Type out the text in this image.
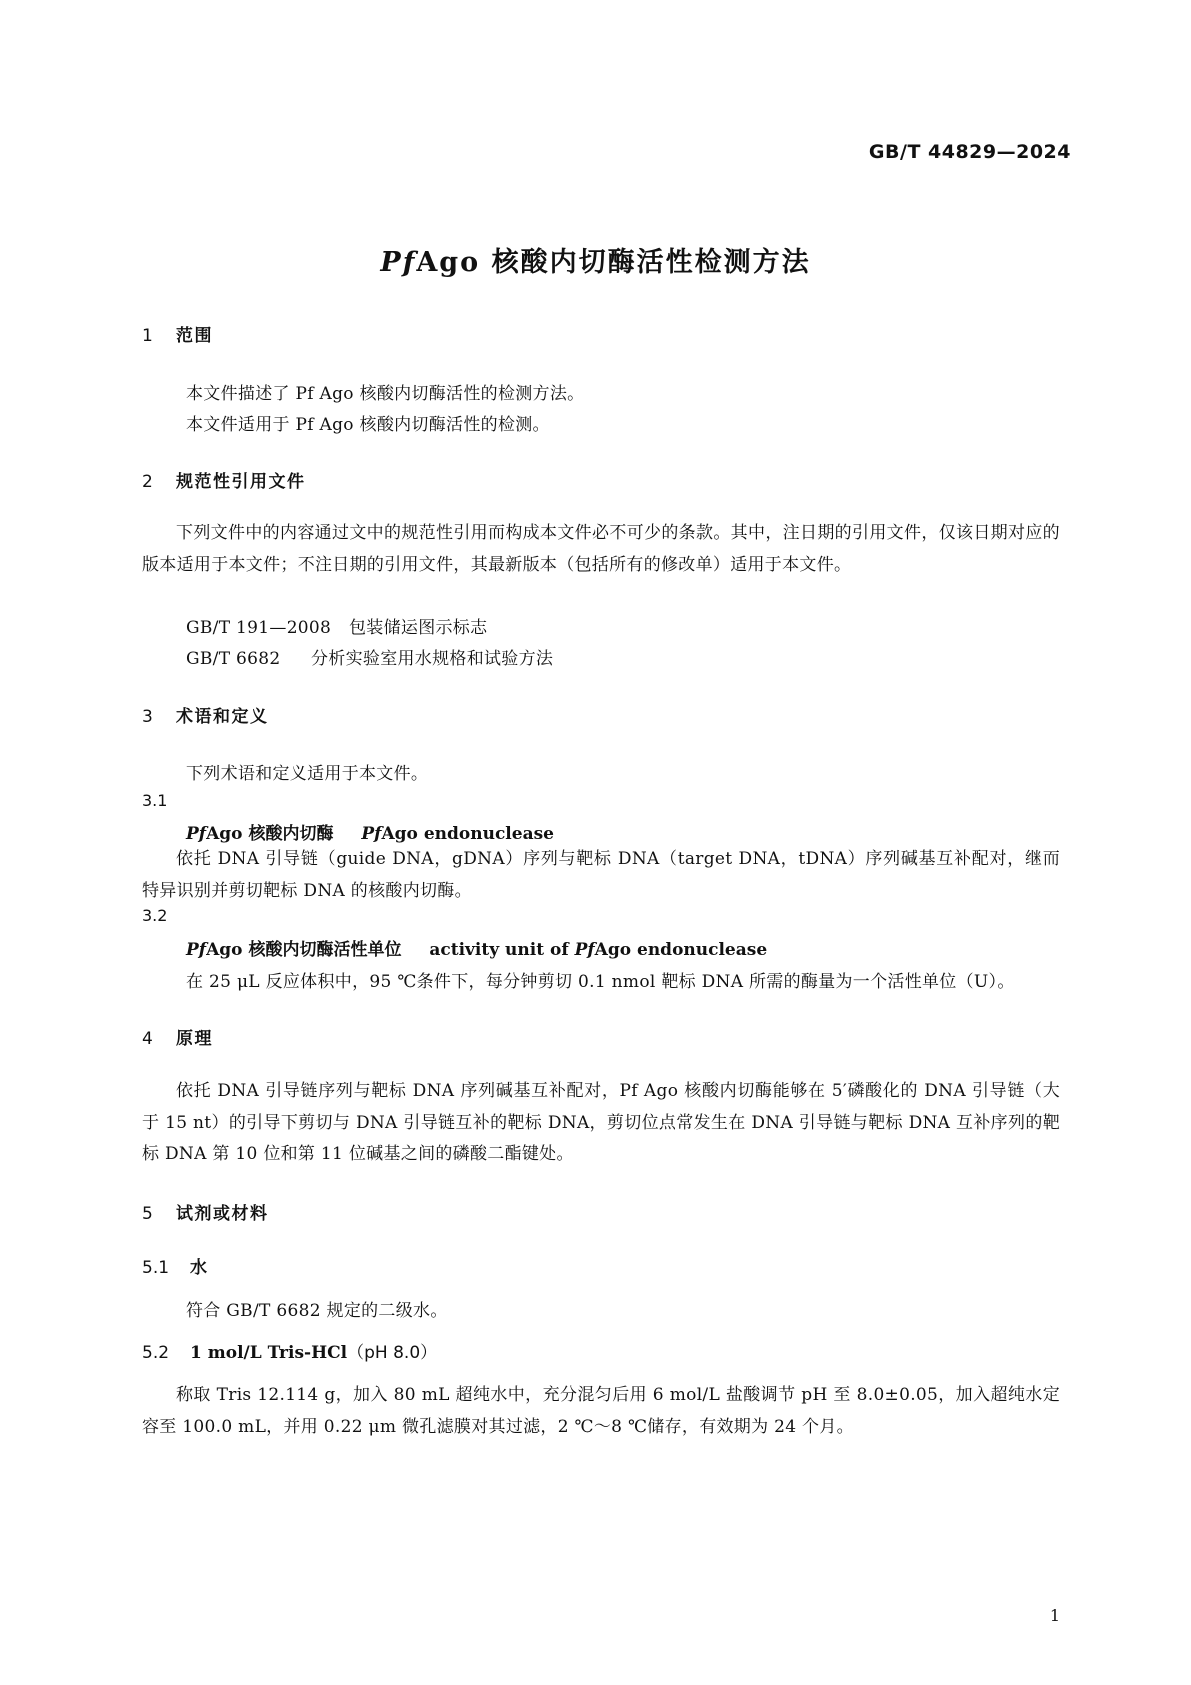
GB/T 44829—2024
PfAgo 核酸内切酶活性检测方法
1 范围
本文件描述了 Pf Ago 核酸内切酶活性的检测方法。
本文件适用于 Pf Ago 核酸内切酶活性的检测。
2 规范性引用文件

下列文件中的内容通过文中的规范性引用而构成本文件必不可少的条款。其中，注日期的引用文件，仅该日期对应的版本适用于本文件；不注日期的引用文件，其最新版本（包括所有的修改单）适用于本文件。

GB/T 191—2008 包装储运图示标志
GB/T 6682 分析实验室用水规格和试验方法
3 术语和定义
下列术语和定义适用于本文件。
3.1
PfAgo 核酸内切酶 PfAgo endonuclease

依托 DNA 引导链（guide DNA，gDNA）序列与靶标 DNA（target DNA，tDNA）序列碱基互补配对，继而特异识别并剪切靶标 DNA 的核酸内切酶。

3.2
PfAgo 核酸内切酶活性单位 activity unit of PfAgo endonuclease
在 25 μL 反应体积中，95 ℃条件下，每分钟剪切 0.1 nmol 靶标 DNA 所需的酶量为一个活性单位（U）。
4 原理

依托 DNA 引导链序列与靶标 DNA 序列碱基互补配对，Pf Ago 核酸内切酶能够在 5′磷酸化的 DNA 引导链（大于 15 nt）的引导下剪切与 DNA 引导链互补的靶标 DNA，剪切位点常发生在 DNA 引导链与靶标 DNA 互补序列的靶标 DNA 第 10 位和第 11 位碱基之间的磷酸二酯键处。

5 试剂或材料
5.1 水
符合 GB/T 6682 规定的二级水。
5.2 1 mol/L Tris-HCl（pH 8.0）

称取 Tris 12.114 g，加入 80 mL 超纯水中，充分混匀后用 6 mol/L 盐酸调节 pH 至 8.0±0.05，加入超纯水定容至 100.0 mL，并用 0.22 μm 微孔滤膜对其过滤，2 ℃～8 ℃储存，有效期为 24 个月。

1
